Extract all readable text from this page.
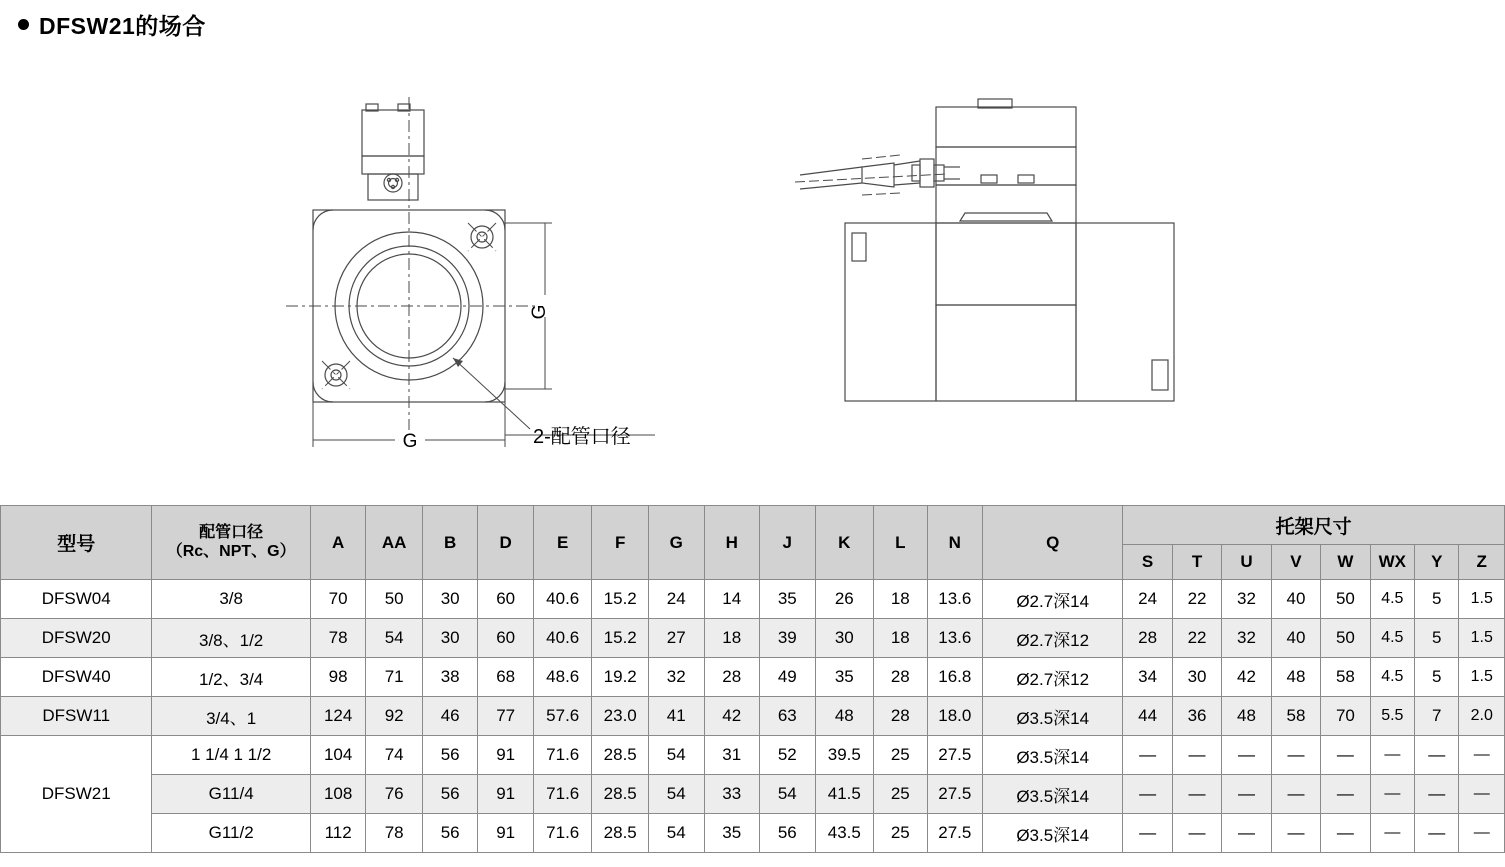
DFSW21的场合
G
G	2-配管口径
型号	配管口径
（Rc、NPT、G）	A	AA	B	D	E	F	G	H	J	K	L	N	Q	托架尺寸							
															S	T	U	V	W	WX	Y	Z
DFSW04	3/8	70	50	30	60	40.6	15.2	24	14	35	26	18	13.6	Ø2.7深14	24	22	32	40	50	4.5	5	1.5
DFSW20	3/8、1/2	78	54	30	60	40.6	15.2	27	18	39	30	18	13.6	Ø2.7深12	28	22	32	40	50	4.5	5	1.5
DFSW40	1/2、3/4	98	71	38	68	48.6	19.2	32	28	49	35	28	16.8	Ø2.7深12	34	30	42	48	58	4.5	5	1.5
DFSW11	3/4、1	124	92	46	77	57.6	23.0	41	42	63	48	28	18.0	Ø3.5深14	44	36	48	58	70	5.5	7	2.0
DFSW21	1 1/4 1 1/2	104	74	56	91	71.6	28.5	54	31	52	39.5	25	27.5	Ø3.5深14	—	—	—	—	—	—	—	—
	G11/4	108	76	56	91	71.6	28.5	54	33	54	41.5	25	27.5	Ø3.5深14	—	—	—	—	—	—	—	—
	G11/2	112	78	56	91	71.6	28.5	54	35	56	43.5	25	27.5	Ø3.5深14	—	—	—	—	—	—	—	—
